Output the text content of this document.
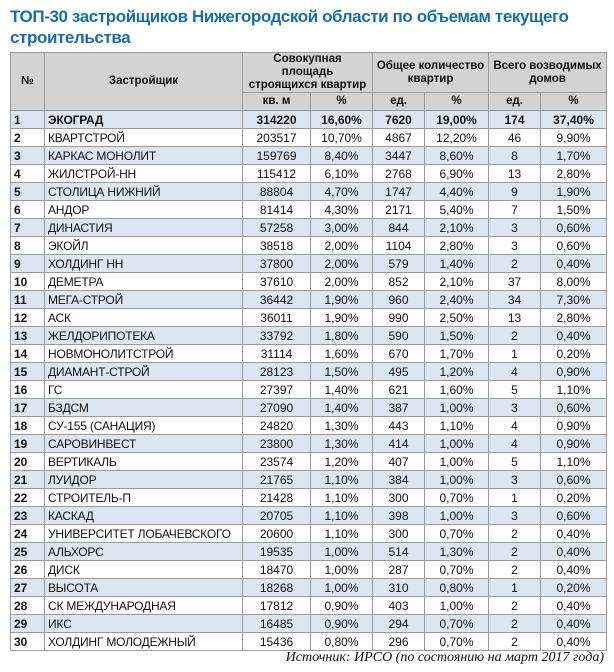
ТОП-30 застройщиков Нижегородской области по объемам текущего строительства
№	Застройщик	Совокупная площадь строящихся квартир		Общее количество квартир		Всего возводимых домов	
		кв. м	%	ед.	%	ед.	%
1	ЭКОГРАД	314220	16,60%	7620	19,00%	174	37,40%
2	КВАРТСТРОЙ	203517	10,70%	4867	12,20%	46	9,90%
3	КАРКАС МОНОЛИТ	159769	8,40%	3447	8,60%	8	1,70%
4	ЖИЛСТРОЙ-НН	115412	6,10%	2768	6,90%	13	2,80%
5	СТОЛИЦА НИЖНИЙ	88804	4,70%	1747	4,40%	9	1,90%
6	АНДОР	81414	4,30%	2171	5,40%	7	1,50%
7	ДИНАСТИЯ	57258	3,00%	844	2,10%	3	0,60%
8	ЭКОЙЛ	38518	2,00%	1104	2,80%	3	0,60%
9	ХОЛДИНГ НН	37800	2,00%	579	1,40%	2	0,40%
10	ДЕМЕТРА	37610	2,00%	852	2,10%	37	8,00%
11	МЕГА-СТРОЙ	36442	1,90%	960	2,40%	34	7,30%
12	АСК	36011	1,90%	990	2,50%	13	2,80%
13	ЖЕЛДОРИПОТЕКА	33792	1,80%	590	1,50%	2	0,40%
14	НОВМОНОЛИТСТРОЙ	31114	1,60%	670	1,70%	1	0,20%
15	ДИАМАНТ-СТРОЙ	28123	1,50%	495	1,20%	4	0,90%
16	ГС	27397	1,40%	621	1,60%	5	1,10%
17	БЗДСМ	27090	1,40%	387	1,00%	3	0,60%
18	СУ-155 (САНАЦИЯ)	24820	1,30%	443	1,10%	4	0,90%
19	САРОВИНВЕСТ	23800	1,30%	414	1,00%	4	0,90%
20	ВЕРТИКАЛЬ	23574	1,20%	407	1,00%	5	1,10%
21	ЛУИДОР	21765	1,10%	384	1,00%	3	0,60%
22	СТРОИТЕЛЬ-П	21428	1,10%	300	0,70%	1	0,20%
23	КАСКАД	20705	1,10%	398	1,00%	3	0,60%
24	УНИВЕРСИТЕТ ЛОБАЧЕВСКОГО	20600	1,10%	300	0,70%	2	0,40%
25	АЛЬХОРС	19535	1,00%	514	1,30%	2	0,40%
26	ДИСК	18470	1,00%	287	0,70%	2	0,40%
27	ВЫСОТА	18268	1,00%	310	0,80%	1	0,20%
28	СК МЕЖДУНАРОДНАЯ	17812	0,90%	403	1,00%	2	0,40%
29	ИКС	16485	0,90%	294	0,70%	2	0,40%
30	ХОЛДИНГ МОЛОДЕЖНЫЙ	15436	0,80%	296	0,70%	2	0,40%
Источник: ИРСО (по состоянию на март 2017 года)
